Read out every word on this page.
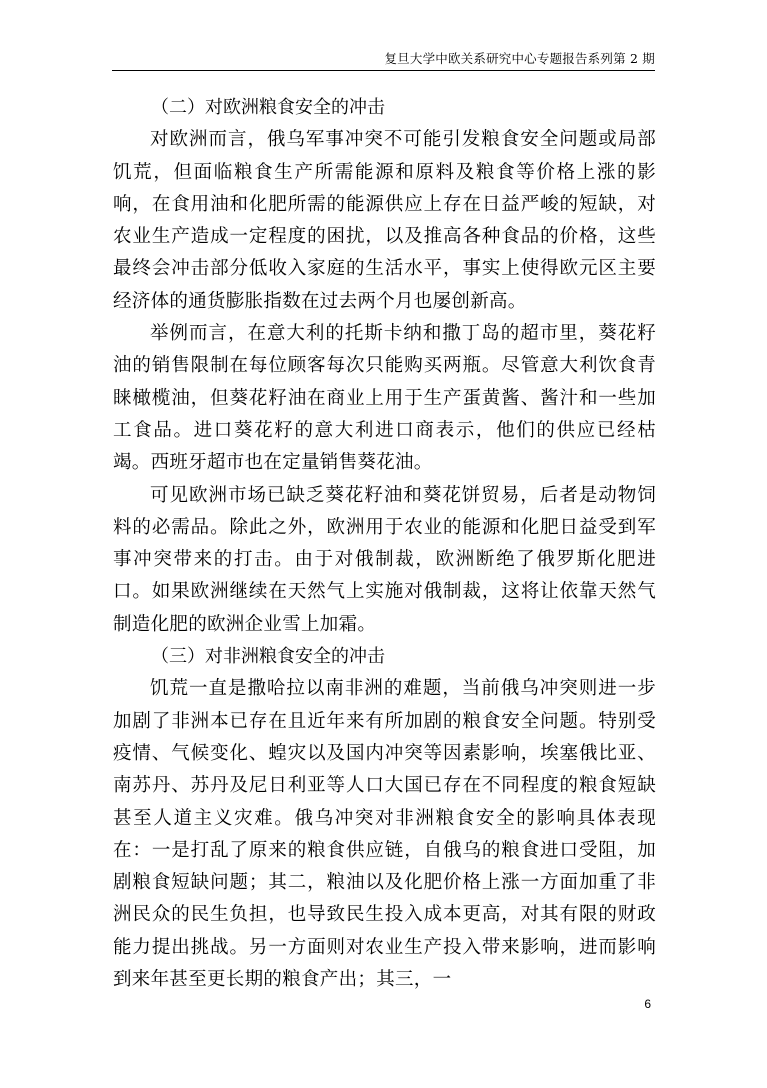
复旦大学中欧关系研究中心专题报告系列第 2 期
（二）对欧洲粮食安全的冲击

对欧洲而言，俄乌军事冲突不可能引发粮食安全问题或局部饥荒，但面临粮食生产所需能源和原料及粮食等价格上涨的影响，在食用油和化肥所需的能源供应上存在日益严峻的短缺，对农业生产造成一定程度的困扰，以及推高各种食品的价格，这些最终会冲击部分低收入家庭的生活水平，事实上使得欧元区主要经济体的通货膨胀指数在过去两个月也屡创新高。

举例而言，在意大利的托斯卡纳和撒丁岛的超市里，葵花籽油的销售限制在每位顾客每次只能购买两瓶。尽管意大利饮食青睐橄榄油，但葵花籽油在商业上用于生产蛋黄酱、酱汁和一些加工食品。进口葵花籽的意大利进口商表示，他们的供应已经枯竭。西班牙超市也在定量销售葵花油。

可见欧洲市场已缺乏葵花籽油和葵花饼贸易，后者是动物饲料的必需品。除此之外，欧洲用于农业的能源和化肥日益受到军事冲突带来的打击。由于对俄制裁，欧洲断绝了俄罗斯化肥进口。如果欧洲继续在天然气上实施对俄制裁，这将让依靠天然气制造化肥的欧洲企业雪上加霜。

（三）对非洲粮食安全的冲击

饥荒一直是撒哈拉以南非洲的难题，当前俄乌冲突则进一步加剧了非洲本已存在且近年来有所加剧的粮食安全问题。特别受疫情、气候变化、蝗灾以及国内冲突等因素影响，埃塞俄比亚、南苏丹、苏丹及尼日利亚等人口大国已存在不同程度的粮食短缺甚至人道主义灾难。俄乌冲突对非洲粮食安全的影响具体表现在：一是打乱了原来的粮食供应链，自俄乌的粮食进口受阻，加剧粮食短缺问题；其二，粮油以及化肥价格上涨一方面加重了非洲民众的民生负担，也导致民生投入成本更高，对其有限的财政能力提出挑战。另一方面则对农业生产投入带来影响，进而影响到来年甚至更长期的粮食产出；其三，一

6
